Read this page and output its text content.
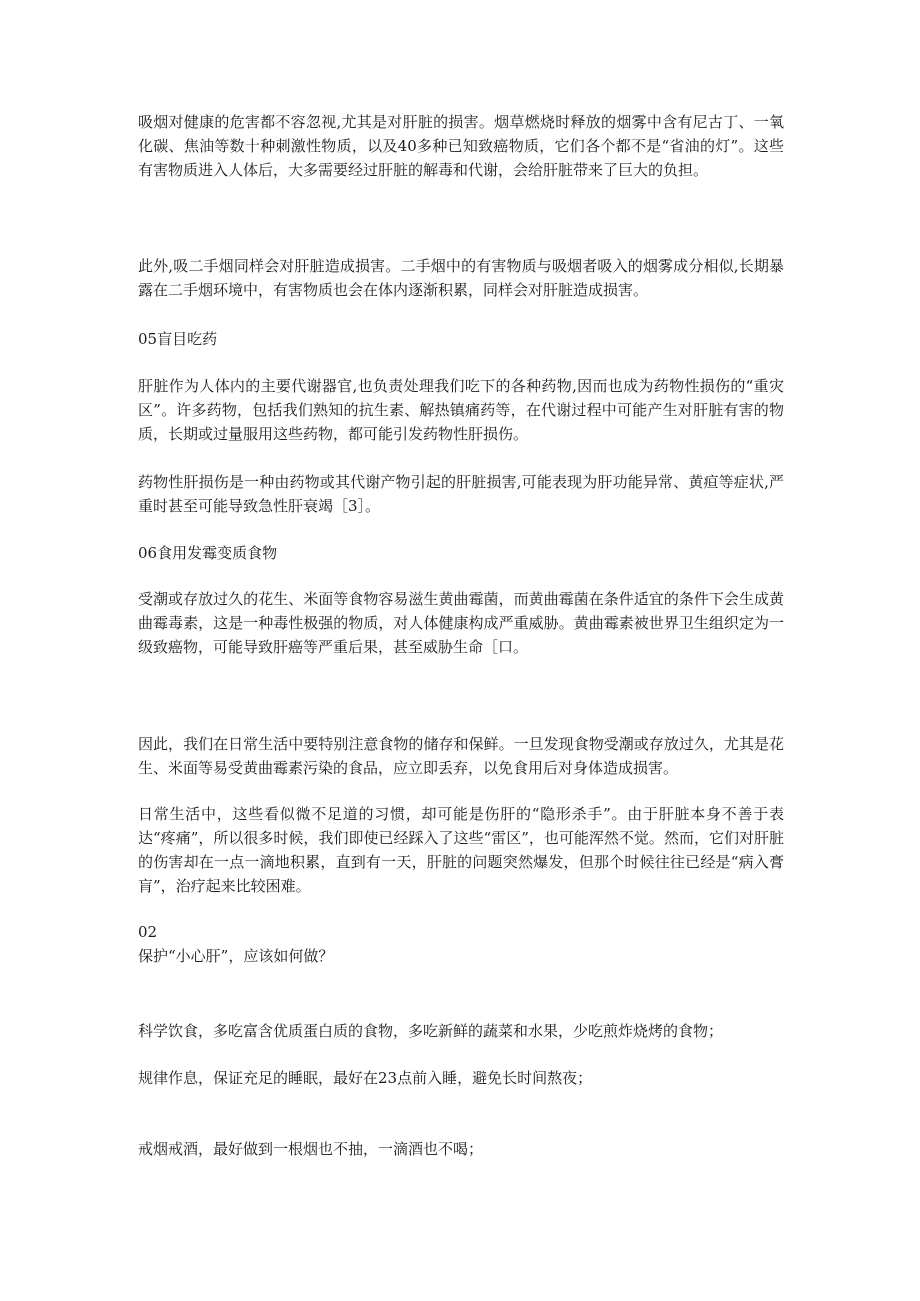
吸烟对健康的危害都不容忽视,尤其是对肝脏的损害。烟草燃烧时释放的烟雾中含有尼古丁、一氧化碳、焦油等数十种刺激性物质，以及40多种已知致癌物质，它们各个都不是“省油的灯”。这些有害物质进入人体后，大多需要经过肝脏的解毒和代谢，会给肝脏带来了巨大的负担。

此外,吸二手烟同样会对肝脏造成损害。二手烟中的有害物质与吸烟者吸入的烟雾成分相似,长期暴露在二手烟环境中，有害物质也会在体内逐渐积累，同样会对肝脏造成损害。

05盲目吃药

肝脏作为人体内的主要代谢器官,也负责处理我们吃下的各种药物,因而也成为药物性损伤的“重灾区”。许多药物，包括我们熟知的抗生素、解热镇痛药等，在代谢过程中可能产生对肝脏有害的物质，长期或过量服用这些药物，都可能引发药物性肝损伤。

药物性肝损伤是一种由药物或其代谢产物引起的肝脏损害,可能表现为肝功能异常、黄疸等症状,严重时甚至可能导致急性肝衰竭［3］。

06食用发霉变质食物

受潮或存放过久的花生、米面等食物容易滋生黄曲霉菌，而黄曲霉菌在条件适宜的条件下会生成黄曲霉毒素，这是一种毒性极强的物质，对人体健康构成严重威胁。黄曲霉素被世界卫生组织定为一级致癌物，可能导致肝癌等严重后果，甚至威胁生命［口。

因此，我们在日常生活中要特别注意食物的储存和保鲜。一旦发现食物受潮或存放过久，尤其是花生、米面等易受黄曲霉素污染的食品，应立即丢弃，以免食用后对身体造成损害。

日常生活中，这些看似微不足道的习惯，却可能是伤肝的“隐形杀手”。由于肝脏本身不善于表达“疼痛”，所以很多时候，我们即使已经踩入了这些“雷区”，也可能浑然不觉。然而，它们对肝脏的伤害却在一点一滴地积累，直到有一天，肝脏的问题突然爆发，但那个时候往往已经是“病入膏肓”，治疗起来比较困难。

02

保护“小心肝”，应该如何做？

科学饮食，多吃富含优质蛋白质的食物，多吃新鲜的蔬菜和水果，少吃煎炸烧烤的食物；

规律作息，保证充足的睡眠，最好在23点前入睡，避免长时间熬夜；

戒烟戒酒，最好做到一根烟也不抽，一滴酒也不喝；
